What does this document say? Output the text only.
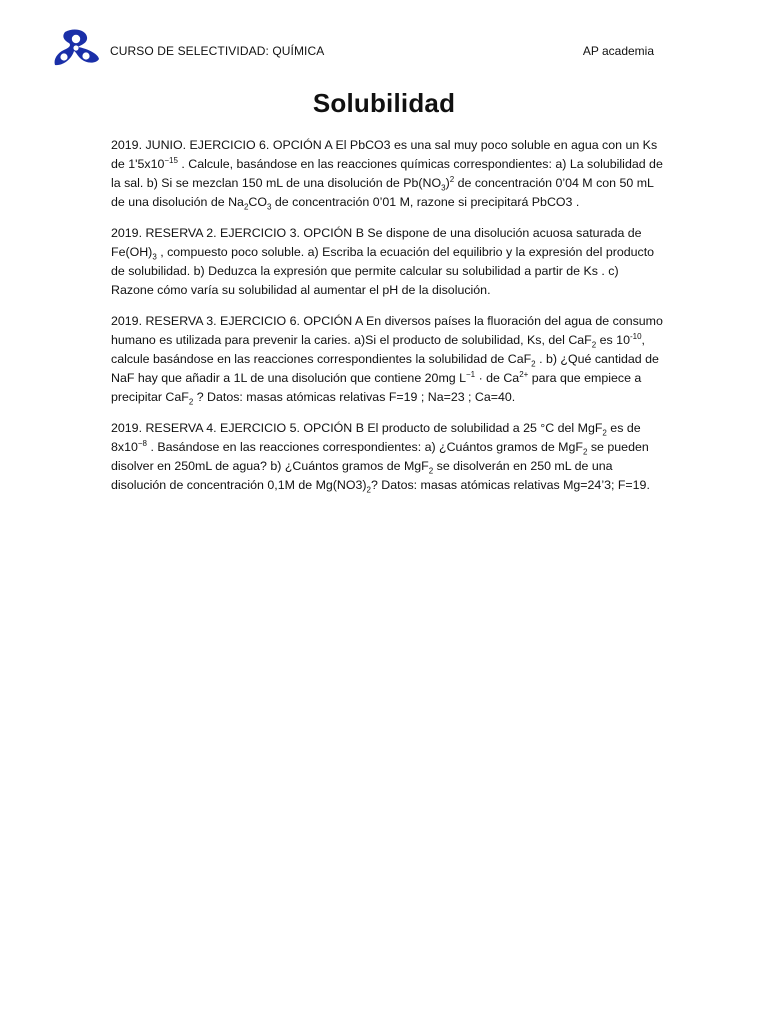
CURSO DE SELECTIVIDAD: QUÍMICA	AP academia
Solubilidad

2019. JUNIO. EJERCICIO 6. OPCIÓN A El PbCO3 es una sal muy poco soluble en agua con un Ks de $1'5x10^{-15}$ . Calcule, basándose en las reacciones químicas correspondientes: a) La solubilidad de la sal. b) Si se mezclan 150 mL de una disolución de $Pb(NO_3)^2$ de concentración 0’04 M con 50 mL de una disolución de $Na_2CO_3$ de concentración 0’01 M, razone si precipitará PbCO3 .

2019. RESERVA 2. EJERCICIO 3. OPCIÓN B Se dispone de una disolución acuosa saturada de $Fe(OH)_3$ , compuesto poco soluble. a) Escriba la ecuación del equilibrio y la expresión del producto de solubilidad. b) Deduzca la expresión que permite calcular su solubilidad a partir de Ks . c) Razone cómo varía su solubilidad al aumentar el pH de la disolución.

2019. RESERVA 3. EJERCICIO 6. OPCIÓN A En diversos países la fluoración del agua de consumo humano es utilizada para prevenir la caries. a)Si el producto de solubilidad, Ks, del CaF$_2$ es $10^{-10}$, calcule basándose en las reacciones correspondientes la solubilidad de CaF$_2$ . b) ¿Qué cantidad de NaF hay que añadir a 1L de una disolución que contiene 20mg $L^{-1}$ · de $Ca^{2+}$ para que empiece a precipitar CaF$_2$ ? Datos: masas atómicas relativas F=19 ; Na=23 ; Ca=40.

2019. RESERVA 4. EJERCICIO 5. OPCIÓN B El producto de solubilidad a 25 °C del MgF$_2$ es de $8x10^{-8}$ . Basándose en las reacciones correspondientes: a) ¿Cuántos gramos de MgF$_2$ se pueden disolver en 250mL de agua? b) ¿Cuántos gramos de MgF$_2$ se disolverán en 250 mL de una disolución de concentración 0,1M de $Mg(NO3)_2$? Datos: masas atómicas relativas Mg=24’3; F=19.
